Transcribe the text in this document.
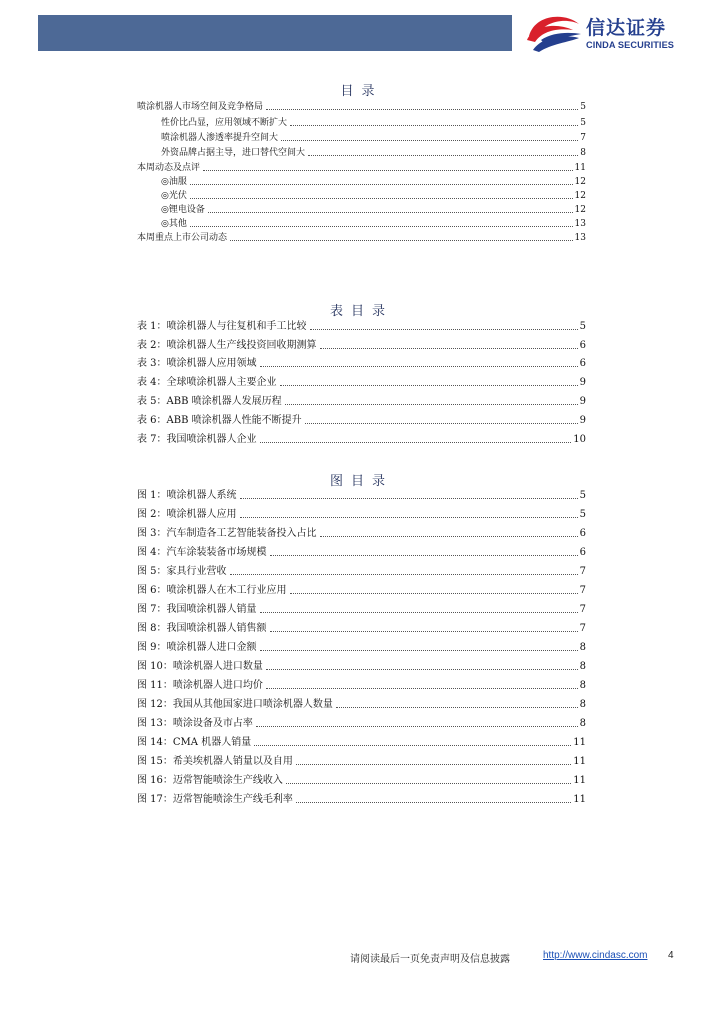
信达证券
CINDA SECURITIES
目录
喷涂机器人市场空间及竞争格局	5
性价比凸显，应用领域不断扩大	5
喷涂机器人渗透率提升空间大	7
外资品牌占据主导，进口替代空间大	8
本周动态及点评	11
◎油服	12
◎光伏	12
◎锂电设备	12
◎其他	13
本周重点上市公司动态	13
表目录
表 1：喷涂机器人与往复机和手工比较	5
表 2：喷涂机器人生产线投资回收期测算	6
表 3：喷涂机器人应用领域	6
表 4：全球喷涂机器人主要企业	9
表 5：ABB 喷涂机器人发展历程	9
表 6：ABB 喷涂机器人性能不断提升	9
表 7：我国喷涂机器人企业	10
图目录
图 1：喷涂机器人系统	5
图 2：喷涂机器人应用	5
图 3：汽车制造各工艺智能装备投入占比	6
图 4：汽车涂装装备市场规模	6
图 5：家具行业营收	7
图 6：喷涂机器人在木工行业应用	7
图 7：我国喷涂机器人销量	7
图 8：我国喷涂机器人销售额	7
图 9：喷涂机器人进口金额	8
图 10：喷涂机器人进口数量	8
图 11：喷涂机器人进口均价	8
图 12：我国从其他国家进口喷涂机器人数量	8
图 13：喷涂设备及市占率	8
图 14：CMA 机器人销量	11
图 15：希美埃机器人销量以及自用	11
图 16：迈常智能喷涂生产线收入	11
图 17：迈常智能喷涂生产线毛利率	11
请阅读最后一页免责声明及信息披露	http://www.cindasc.com 4
